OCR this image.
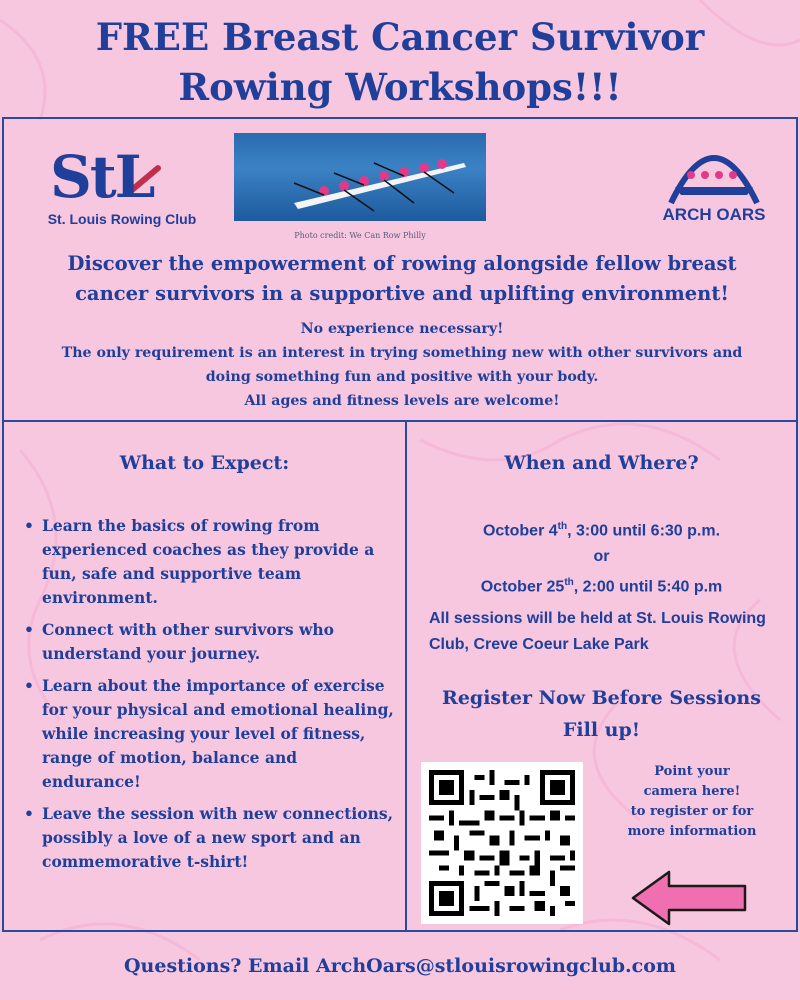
FREE Breast Cancer Survivor
Rowing Workshops!!!
StL
St. Louis Rowing Club
Photo credit: We Can Row Philly
ARCH OARS
Discover the empowerment of rowing alongside fellow breast
cancer survivors in a supportive and uplifting environment!
No experience necessary!
The only requirement is an interest in trying something new with other survivors and
doing something fun and positive with your body.
All ages and fitness levels are welcome!
What to Expect:
• Learn the basics of rowing from experienced coaches as they provide a fun, safe and supportive team environment.
• Connect with other survivors who understand your journey.
• Learn about the importance of exercise for your physical and emotional healing, while increasing your level of fitness, range of motion, balance and endurance!
• Leave the session with new connections, possibly a love of a new sport and an commemorative t-shirt!
When and Where?
October 4th, 3:00 until 6:30 p.m.
or
October 25th, 2:00 until 5:40 p.m
All sessions will be held at St. Louis Rowing Club, Creve Coeur Lake Park
Register Now Before Sessions
Fill up!
Point your
camera here!
to register or for
more information
Questions? Email ArchOars@stlouisrowingclub.com
